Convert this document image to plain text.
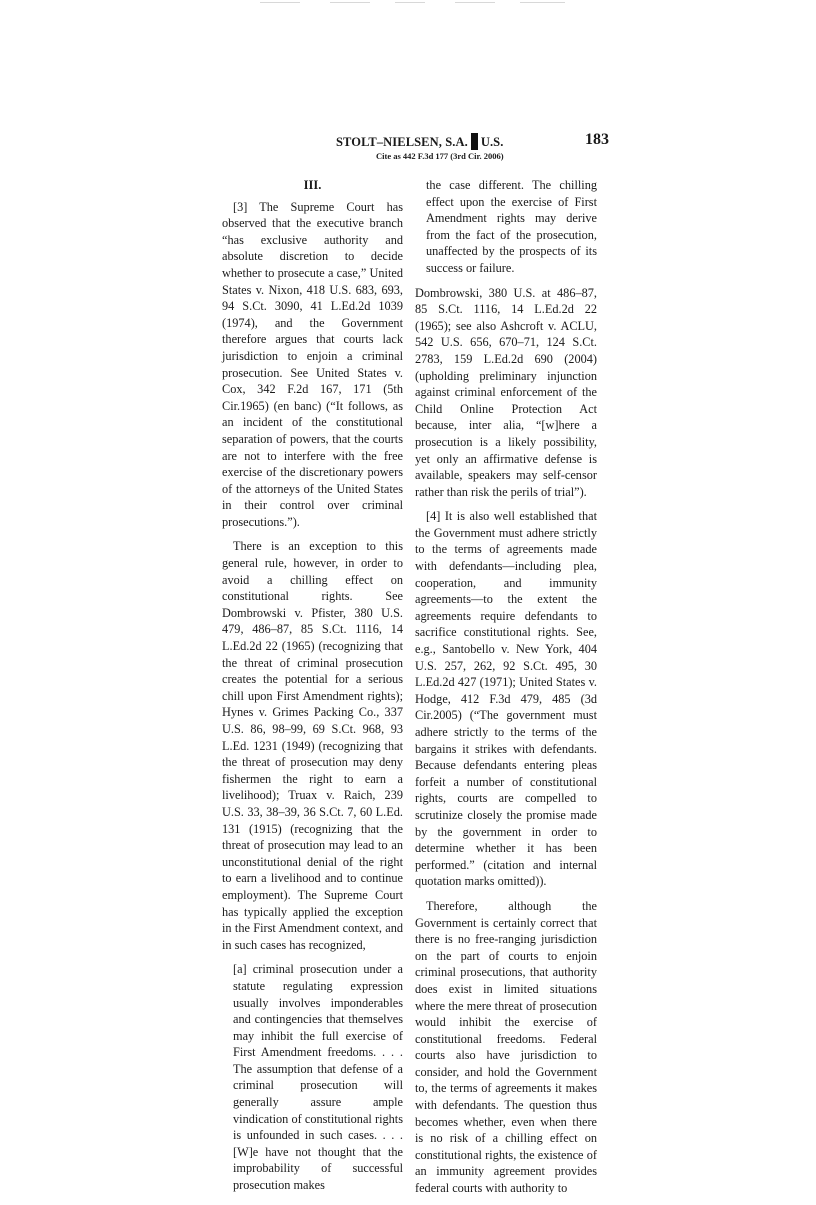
STOLT–NIELSEN, S.A. U.S.
Cite as 442 F.3d 177 (3rd Cir. 2006)
183
III.

[3] The Supreme Court has observed that the executive branch “has exclusive authority and absolute discretion to decide whether to prosecute a case,” United States v. Nixon, 418 U.S. 683, 693, 94 S.Ct. 3090, 41 L.Ed.2d 1039 (1974), and the Government therefore argues that courts lack jurisdiction to enjoin a criminal prosecution. See United States v. Cox, 342 F.2d 167, 171 (5th Cir.1965) (en banc) (“It follows, as an incident of the constitutional separation of powers, that the courts are not to interfere with the free exercise of the discretionary powers of the attorneys of the United States in their control over criminal prosecutions.”).

There is an exception to this general rule, however, in order to avoid a chilling effect on constitutional rights. See Dombrowski v. Pfister, 380 U.S. 479, 486–87, 85 S.Ct. 1116, 14 L.Ed.2d 22 (1965) (recognizing that the threat of criminal prosecution creates the potential for a serious chill upon First Amendment rights); Hynes v. Grimes Packing Co., 337 U.S. 86, 98–99, 69 S.Ct. 968, 93 L.Ed. 1231 (1949) (recognizing that the threat of prosecution may deny fishermen the right to earn a livelihood); Truax v. Raich, 239 U.S. 33, 38–39, 36 S.Ct. 7, 60 L.Ed. 131 (1915) (recognizing that the threat of prosecution may lead to an unconstitutional denial of the right to earn a livelihood and to continue employment). The Supreme Court has typically applied the exception in the First Amendment context, and in such cases has recognized,

[a] criminal prosecution under a statute regulating expression usually involves imponderables and contingencies that themselves may inhibit the full exercise of First Amendment freedoms. . . . The assumption that defense of a criminal prosecution will generally assure ample vindication of constitutional rights is unfounded in such cases. . . . [W]e have not thought that the improbability of successful prosecution makes
the case different. The chilling effect upon the exercise of First Amendment rights may derive from the fact of the prosecution, unaffected by the prospects of its success or failure.

Dombrowski, 380 U.S. at 486–87, 85 S.Ct. 1116, 14 L.Ed.2d 22 (1965); see also Ashcroft v. ACLU, 542 U.S. 656, 670–71, 124 S.Ct. 2783, 159 L.Ed.2d 690 (2004) (upholding preliminary injunction against criminal enforcement of the Child Online Protection Act because, inter alia, “[w]here a prosecution is a likely possibility, yet only an affirmative defense is available, speakers may self-censor rather than risk the perils of trial”).

[4] It is also well established that the Government must adhere strictly to the terms of agreements made with defendants—including plea, cooperation, and immunity agreements—to the extent the agreements require defendants to sacrifice constitutional rights. See, e.g., Santobello v. New York, 404 U.S. 257, 262, 92 S.Ct. 495, 30 L.Ed.2d 427 (1971); United States v. Hodge, 412 F.3d 479, 485 (3d Cir.2005) (“The government must adhere strictly to the terms of the bargains it strikes with defendants. Because defendants entering pleas forfeit a number of constitutional rights, courts are compelled to scrutinize closely the promise made by the government in order to determine whether it has been performed.” (citation and internal quotation marks omitted)).

Therefore, although the Government is certainly correct that there is no free-ranging jurisdiction on the part of courts to enjoin criminal prosecutions, that authority does exist in limited situations where the mere threat of prosecution would inhibit the exercise of constitutional freedoms. Federal courts also have jurisdiction to consider, and hold the Government to, the terms of agreements it makes with defendants. The question thus becomes whether, even when there is no risk of a chilling effect on constitutional rights, the existence of an immunity agreement provides federal courts with authority to
